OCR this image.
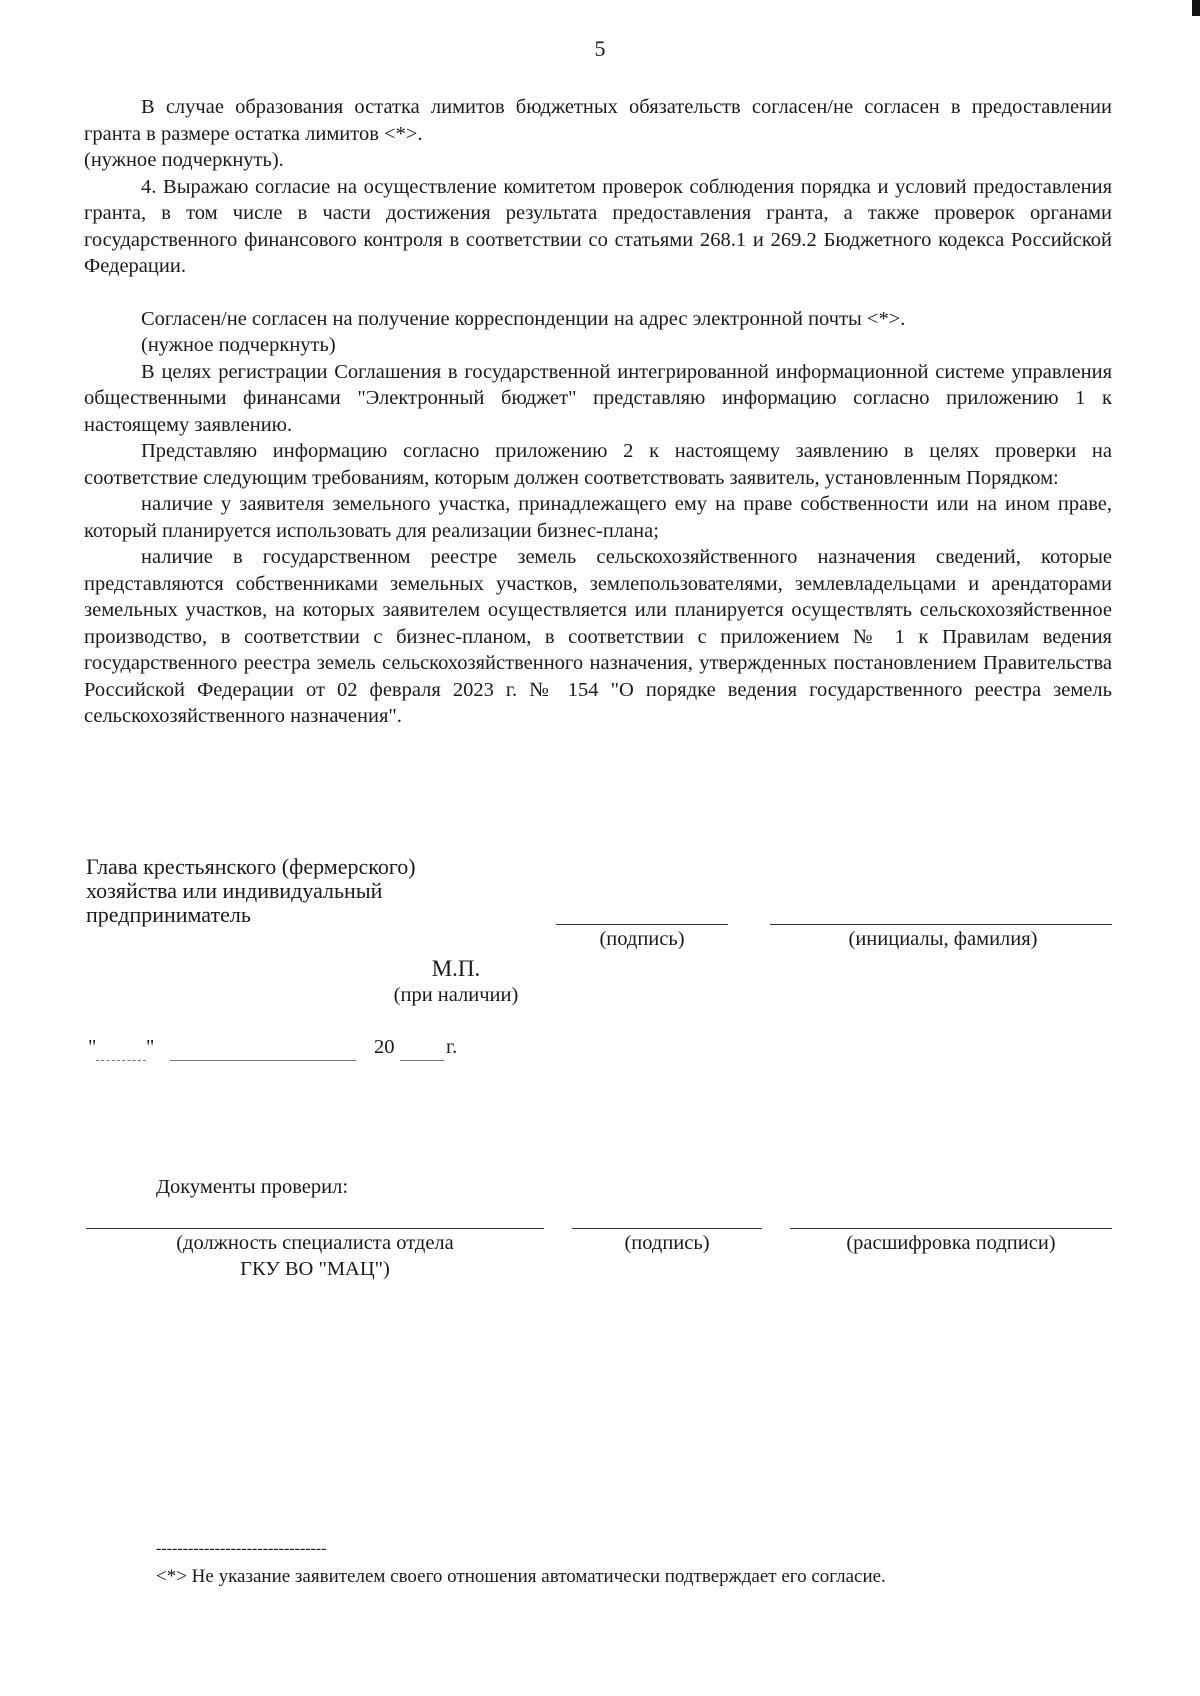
5

В случае образования остатка лимитов бюджетных обязательств согласен/не согласен в предоставлении гранта в размере остатка лимитов <*>.

(нужное подчеркнуть).

4. Выражаю согласие на осуществление комитетом проверок соблюдения порядка и условий предоставления гранта, в том числе в части достижения результата предоставления гранта, а также проверок органами государственного финансового контроля в соответствии со статьями 268.1 и 269.2 Бюджетного кодекса Российской Федерации.

Согласен/не согласен на получение корреспонденции на адрес электронной почты <*>.

(нужное подчеркнуть)

В целях регистрации Соглашения в государственной интегрированной информационной системе управления общественными финансами "Электронный бюджет" представляю информацию согласно приложению 1 к настоящему заявлению.

Представляю информацию согласно приложению 2 к настоящему заявлению в целях проверки на соответствие следующим требованиям, которым должен соответствовать заявитель, установленным Порядком:

наличие у заявителя земельного участка, принадлежащего ему на праве собственности или на ином праве, который планируется использовать для реализации бизнес-плана;

наличие в государственном реестре земель сельскохозяйственного назначения сведений, которые представляются собственниками земельных участков, землепользователями, землевладельцами и арендаторами земельных участков, на которых заявителем осуществляется или планируется осуществлять сельскохозяйственное производство, в соответствии с бизнес-планом, в соответствии с приложением № 1 к Правилам ведения государственного реестра земель сельскохозяйственного назначения, утвержденных постановлением Правительства Российской Федерации от 02 февраля 2023 г. № 154 "О порядке ведения государственного реестра земель сельскохозяйственного назначения".

Глава крестьянского (фермерского)
хозяйства или индивидуальный
предприниматель
(подпись)	(инициалы, фамилия)
М.П.
(при наличии)
" "	20	г.
Документы проверил:
(должность специалиста отдела
ГКУ ВО "МАЦ")
(подпись)	(расшифровка подписи)
--------------------------------
<*> Не указание заявителем своего отношения автоматически подтверждает его согласие.
